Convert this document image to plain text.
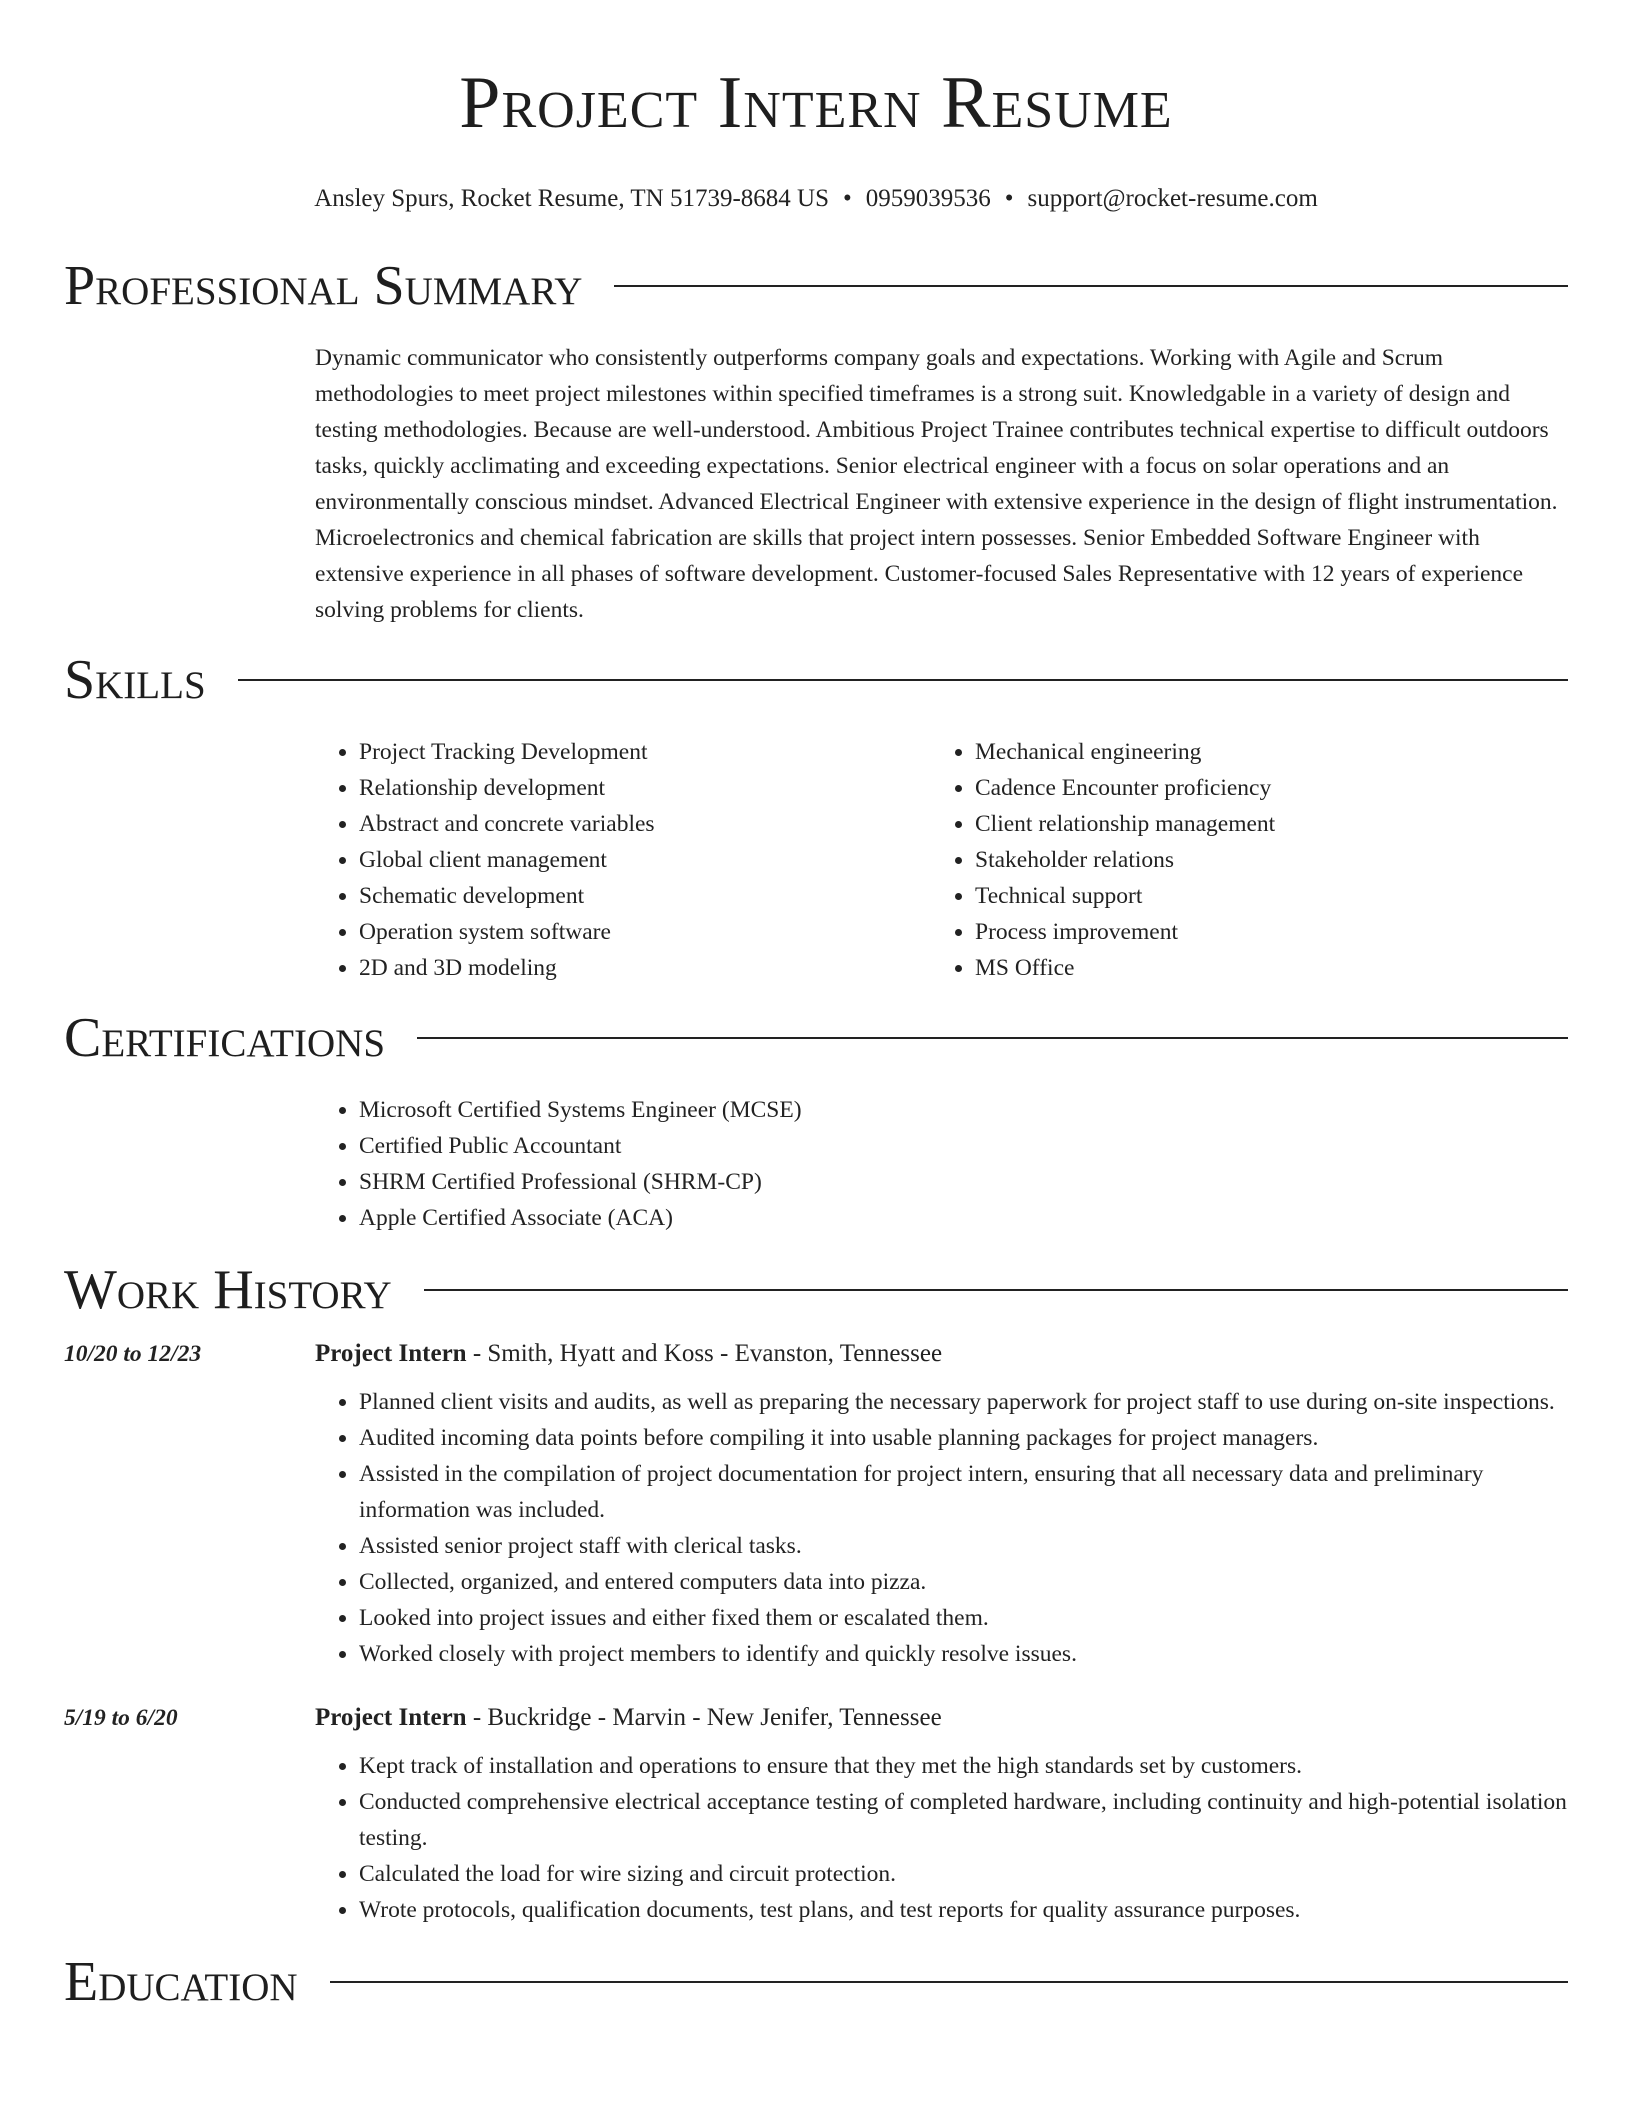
Project Intern Resume
Ansley Spurs, Rocket Resume, TN 51739-8684 US • 0959039536 • support@rocket-resume.com
Professional Summary

Dynamic communicator who consistently outperforms company goals and expectations. Working with Agile and Scrum methodologies to meet project milestones within specified timeframes is a strong suit. Knowledgable in a variety of design and testing methodologies. Because are well-understood. Ambitious Project Trainee contributes technical expertise to difficult outdoors tasks, quickly acclimating and exceeding expectations. Senior electrical engineer with a focus on solar operations and an environmentally conscious mindset. Advanced Electrical Engineer with extensive experience in the design of flight instrumentation. Microelectronics and chemical fabrication are skills that project intern possesses. Senior Embedded Software Engineer with extensive experience in all phases of software development. Customer-focused Sales Representative with 12 years of experience solving problems for clients.

Skills
• Project Tracking Development
• Relationship development
• Abstract and concrete variables
• Global client management
• Schematic development
• Operation system software
• 2D and 3D modeling
• Mechanical engineering
• Cadence Encounter proficiency
• Client relationship management
• Stakeholder relations
• Technical support
• Process improvement
• MS Office
Certifications
• Microsoft Certified Systems Engineer (MCSE)
• Certified Public Accountant
• SHRM Certified Professional (SHRM-CP)
• Apple Certified Associate (ACA)
Work History
10/20 to 12/23	Project Intern - Smith, Hyatt and Koss - Evanston, Tennessee
• Planned client visits and audits, as well as preparing the necessary paperwork for project staff to use during on-site inspections.
• Audited incoming data points before compiling it into usable planning packages for project managers.
• Assisted in the compilation of project documentation for project intern, ensuring that all necessary data and preliminary information was included.
• Assisted senior project staff with clerical tasks.
• Collected, organized, and entered computers data into pizza.
• Looked into project issues and either fixed them or escalated them.
• Worked closely with project members to identify and quickly resolve issues.
5/19 to 6/20	Project Intern - Buckridge - Marvin - New Jenifer, Tennessee
• Kept track of installation and operations to ensure that they met the high standards set by customers.
• Conducted comprehensive electrical acceptance testing of completed hardware, including continuity and high-potential isolation testing.
• Calculated the load for wire sizing and circuit protection.
• Wrote protocols, qualification documents, test plans, and test reports for quality assurance purposes.
Education
